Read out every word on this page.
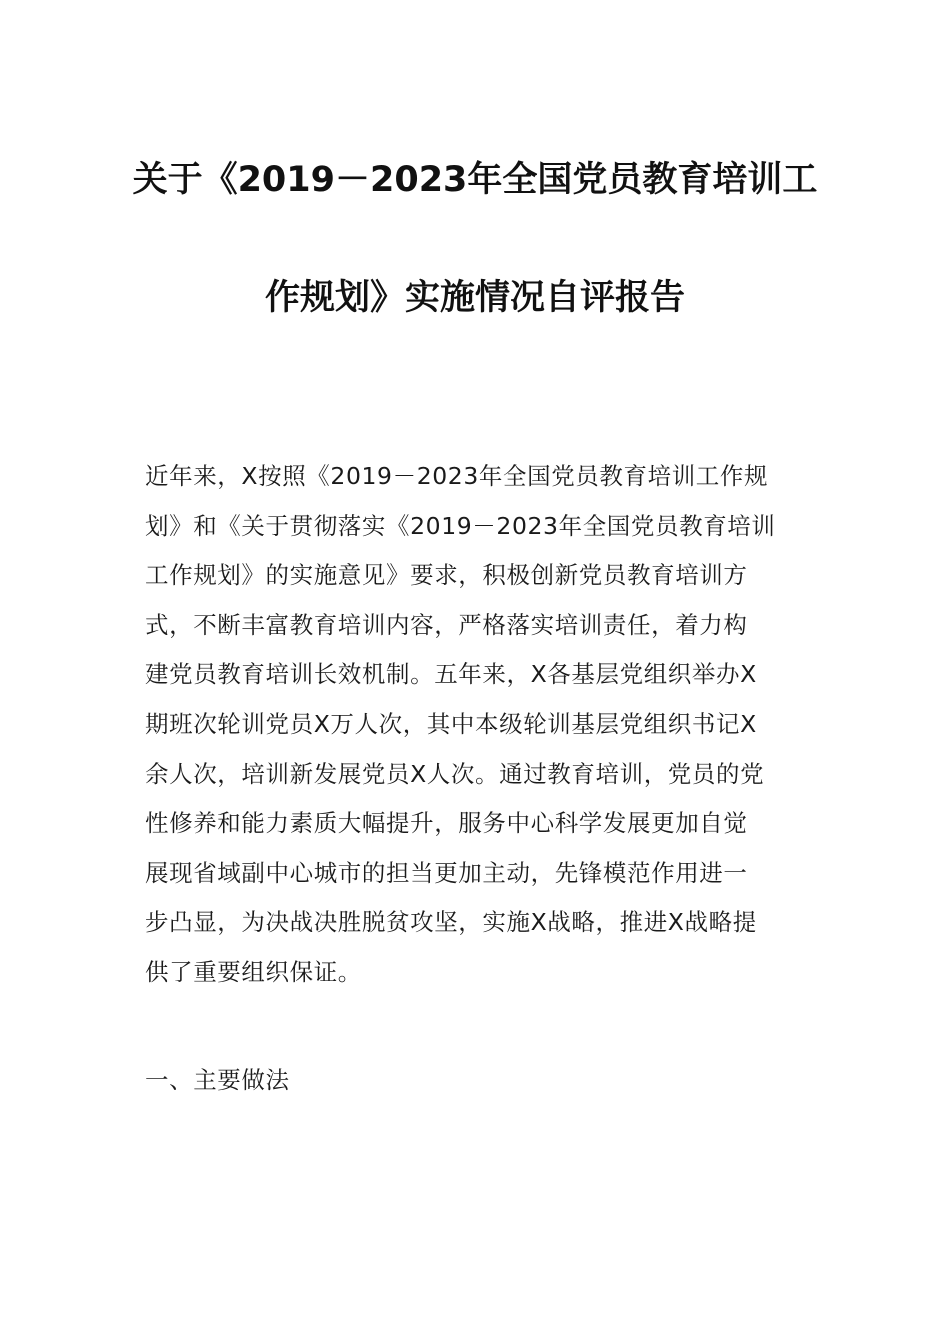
关于《2019－2023年全国党员教育培训工
作规划》实施情况自评报告
近年来，X按照《2019－2023年全国党员教育培训工作规
划》和《关于贯彻落实《2019－2023年全国党员教育培训
工作规划》的实施意见》要求，积极创新党员教育培训方
式，不断丰富教育培训内容，严格落实培训责任，着力构
建党员教育培训长效机制。五年来，X各基层党组织举办X
期班次轮训党员X万人次，其中本级轮训基层党组织书记X
余人次，培训新发展党员X人次。通过教育培训，党员的党
性修养和能力素质大幅提升，服务中心科学发展更加自觉
展现省域副中心城市的担当更加主动，先锋模范作用进一
步凸显，为决战决胜脱贫攻坚，实施X战略，推进X战略提
供了重要组织保证。
一、主要做法
